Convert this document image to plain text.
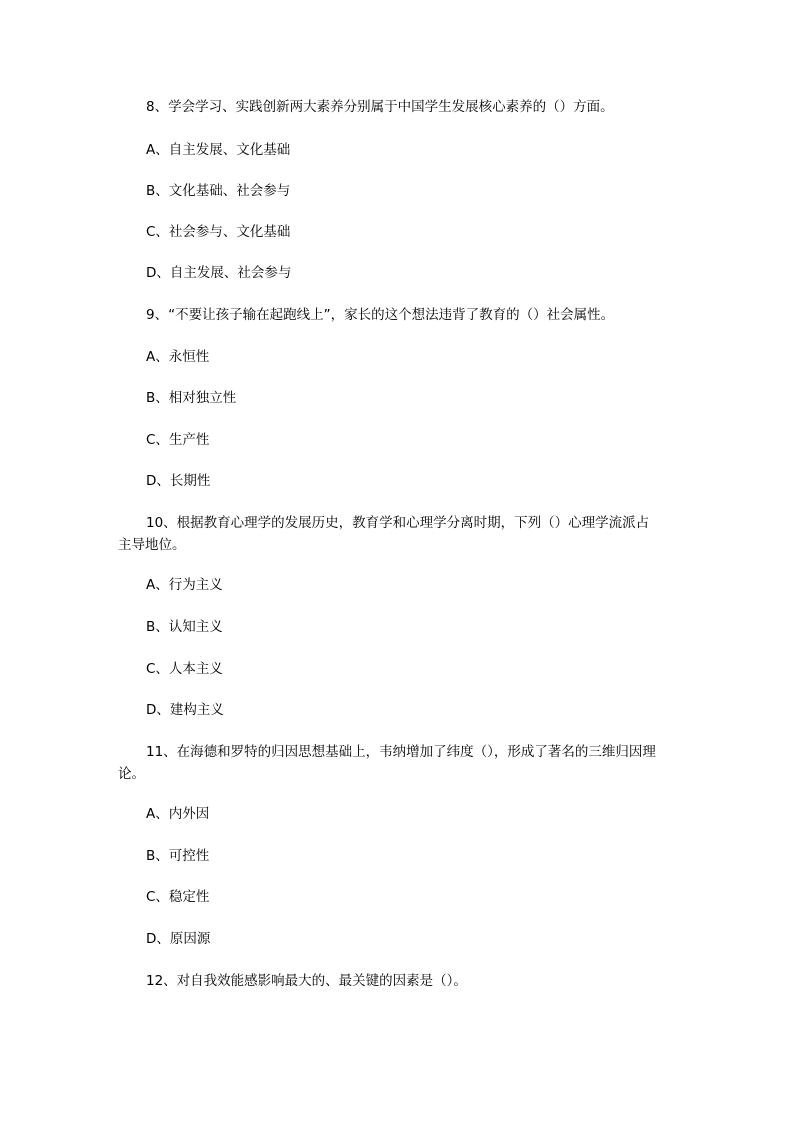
8、学会学习、实践创新两大素养分别属于中国学生发展核心素养的（）方面。
A、自主发展、文化基础
B、文化基础、社会参与
C、社会参与、文化基础
D、自主发展、社会参与
9、“不要让孩子输在起跑线上”，家长的这个想法违背了教育的（）社会属性。
A、永恒性
B、相对独立性
C、生产性
D、长期性
10、根据教育心理学的发展历史，教育学和心理学分离时期，下列（）心理学流派占
主导地位。
A、行为主义
B、认知主义
C、人本主义
D、建构主义
11、在海德和罗特的归因思想基础上，韦纳增加了纬度（），形成了著名的三维归因理
论。
A、内外因
B、可控性
C、稳定性
D、原因源
12、对自我效能感影响最大的、最关键的因素是（）。
